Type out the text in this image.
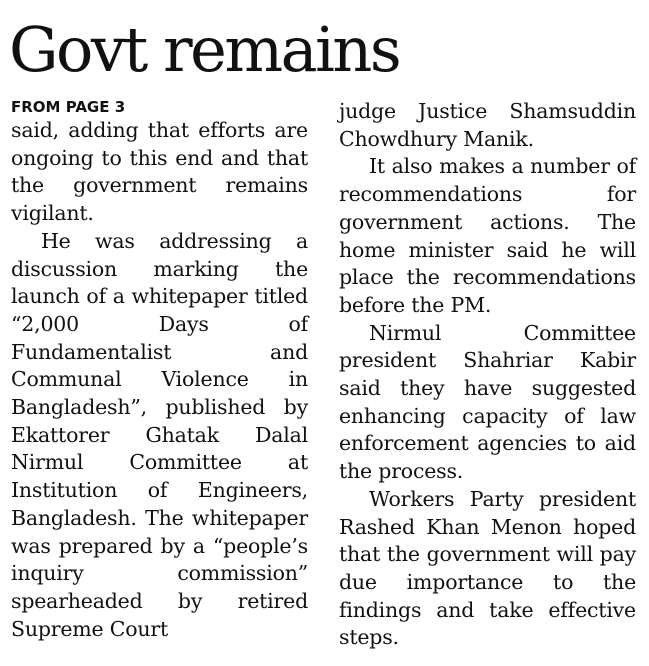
Govt remains
FROM PAGE 3

said, adding that efforts are ongoing to this end and that the government remains vigilant.

He was addressing a discussion marking the launch of a whitepaper titled “2,000 Days of Fundamentalist and Communal Violence in Bangladesh”, published by Ekattorer Ghatak Dalal Nirmul Committee at Institution of Engineers, Bangladesh. The whitepaper was prepared by a “people’s inquiry commission” spearheaded by retired Supreme Court

judge Justice Shamsuddin Chowdhury Manik.

It also makes a number of recommendations for government actions. The home minister said he will place the recommendations before the PM.

Nirmul Committee president Shahriar Kabir said they have suggested enhancing capacity of law enforcement agencies to aid the process.

Workers Party president Rashed Khan Menon hoped that the government will pay due importance to the findings and take effective steps.
